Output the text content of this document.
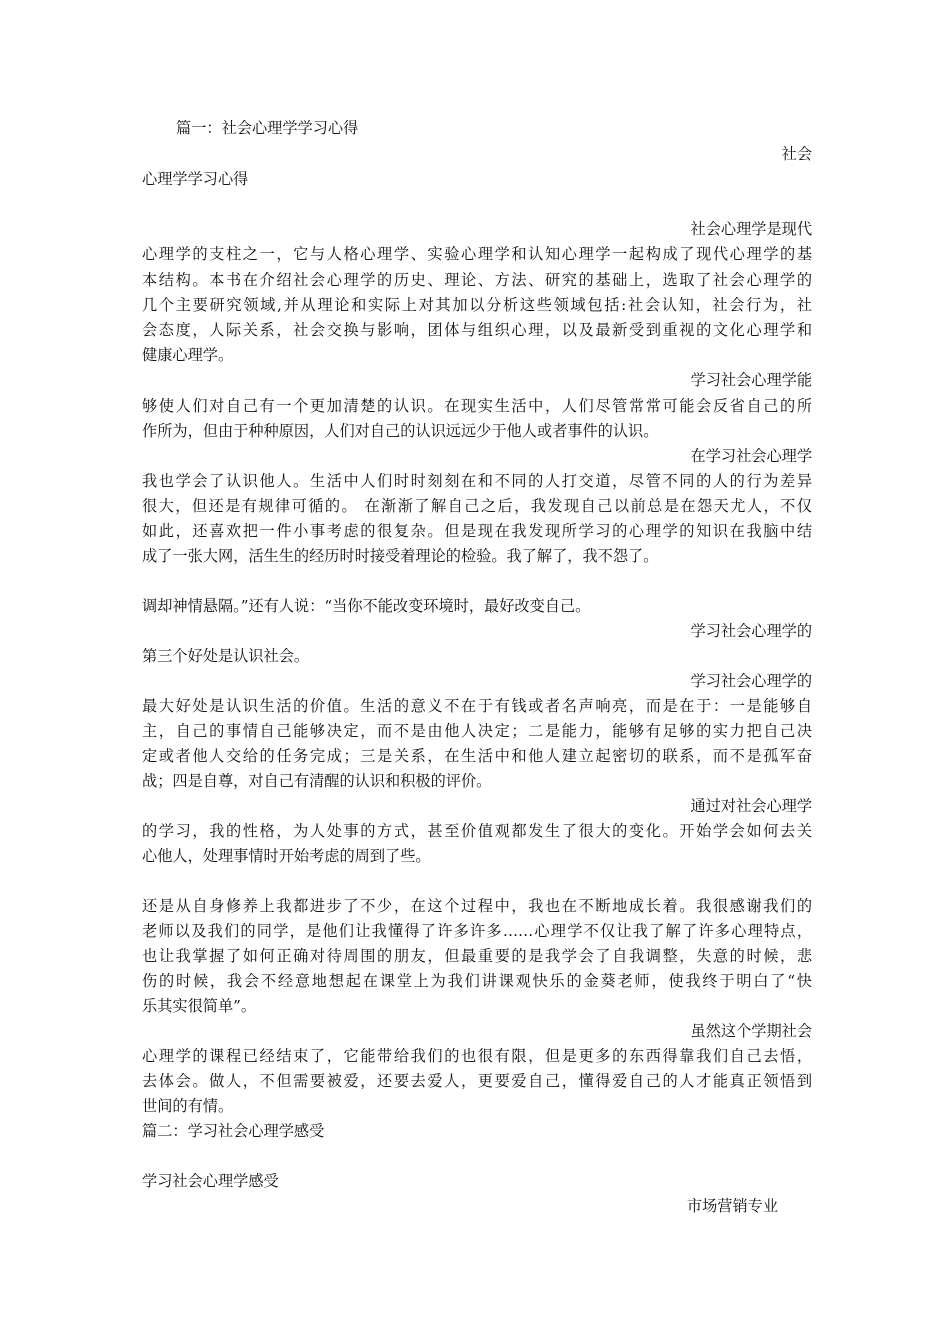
篇一：社会心理学学习心得
社会
心理学学习心得
社会心理学是现代
心理学的支柱之一，它与人格心理学、实验心理学和认知心理学一起构成了现代心理学的基
本结构。本书在介绍社会心理学的历史、理论、方法、研究的基础上，选取了社会心理学的
几个主要研究领域,并从理论和实际上对其加以分析这些领域包括:社会认知，社会行为，社
会态度，人际关系，社会交换与影响，团体与组织心理，以及最新受到重视的文化心理学和
健康心理学。
学习社会心理学能
够使人们对自己有一个更加清楚的认识。在现实生活中，人们尽管常常可能会反省自己的所
作所为，但由于种种原因，人们对自己的认识远远少于他人或者事件的认识。
在学习社会心理学
我也学会了认识他人。生活中人们时时刻刻在和不同的人打交道，尽管不同的人的行为差异
很大，但还是有规律可循的。 在渐渐了解自己之后，我发现自己以前总是在怨天尤人，不仅
如此，还喜欢把一件小事考虑的很复杂。但是现在我发现所学习的心理学的知识在我脑中结
成了一张大网，活生生的经历时时接受着理论的检验。我了解了，我不怨了。
调却神情悬隔。”还有人说：“当你不能改变环境时，最好改变自己。
学习社会心理学的
第三个好处是认识社会。
学习社会心理学的
最大好处是认识生活的价值。生活的意义不在于有钱或者名声响亮，而是在于：一是能够自
主，自己的事情自己能够决定，而不是由他人决定；二是能力，能够有足够的实力把自己决
定或者他人交给的任务完成；三是关系，在生活中和他人建立起密切的联系，而不是孤军奋
战；四是自尊，对自己有清醒的认识和积极的评价。
通过对社会心理学
的学习，我的性格，为人处事的方式，甚至价值观都发生了很大的变化。开始学会如何去关
心他人，处理事情时开始考虑的周到了些。
还是从自身修养上我都进步了不少，在这个过程中，我也在不断地成长着。我很感谢我们的
老师以及我们的同学，是他们让我懂得了许多许多……心理学不仅让我了解了许多心理特点，
也让我掌握了如何正确对待周围的朋友，但最重要的是我学会了自我调整，失意的时候，悲
伤的时候，我会不经意地想起在课堂上为我们讲课观快乐的金葵老师，使我终于明白了“快
乐其实很简单”。
虽然这个学期社会
心理学的课程已经结束了，它能带给我们的也很有限，但是更多的东西得靠我们自己去悟，
去体会。做人，不但需要被爱，还要去爱人，更要爱自己，懂得爱自己的人才能真正领悟到
世间的有情。
篇二：学习社会心理学感受
学习社会心理学感受
市场营销专业
